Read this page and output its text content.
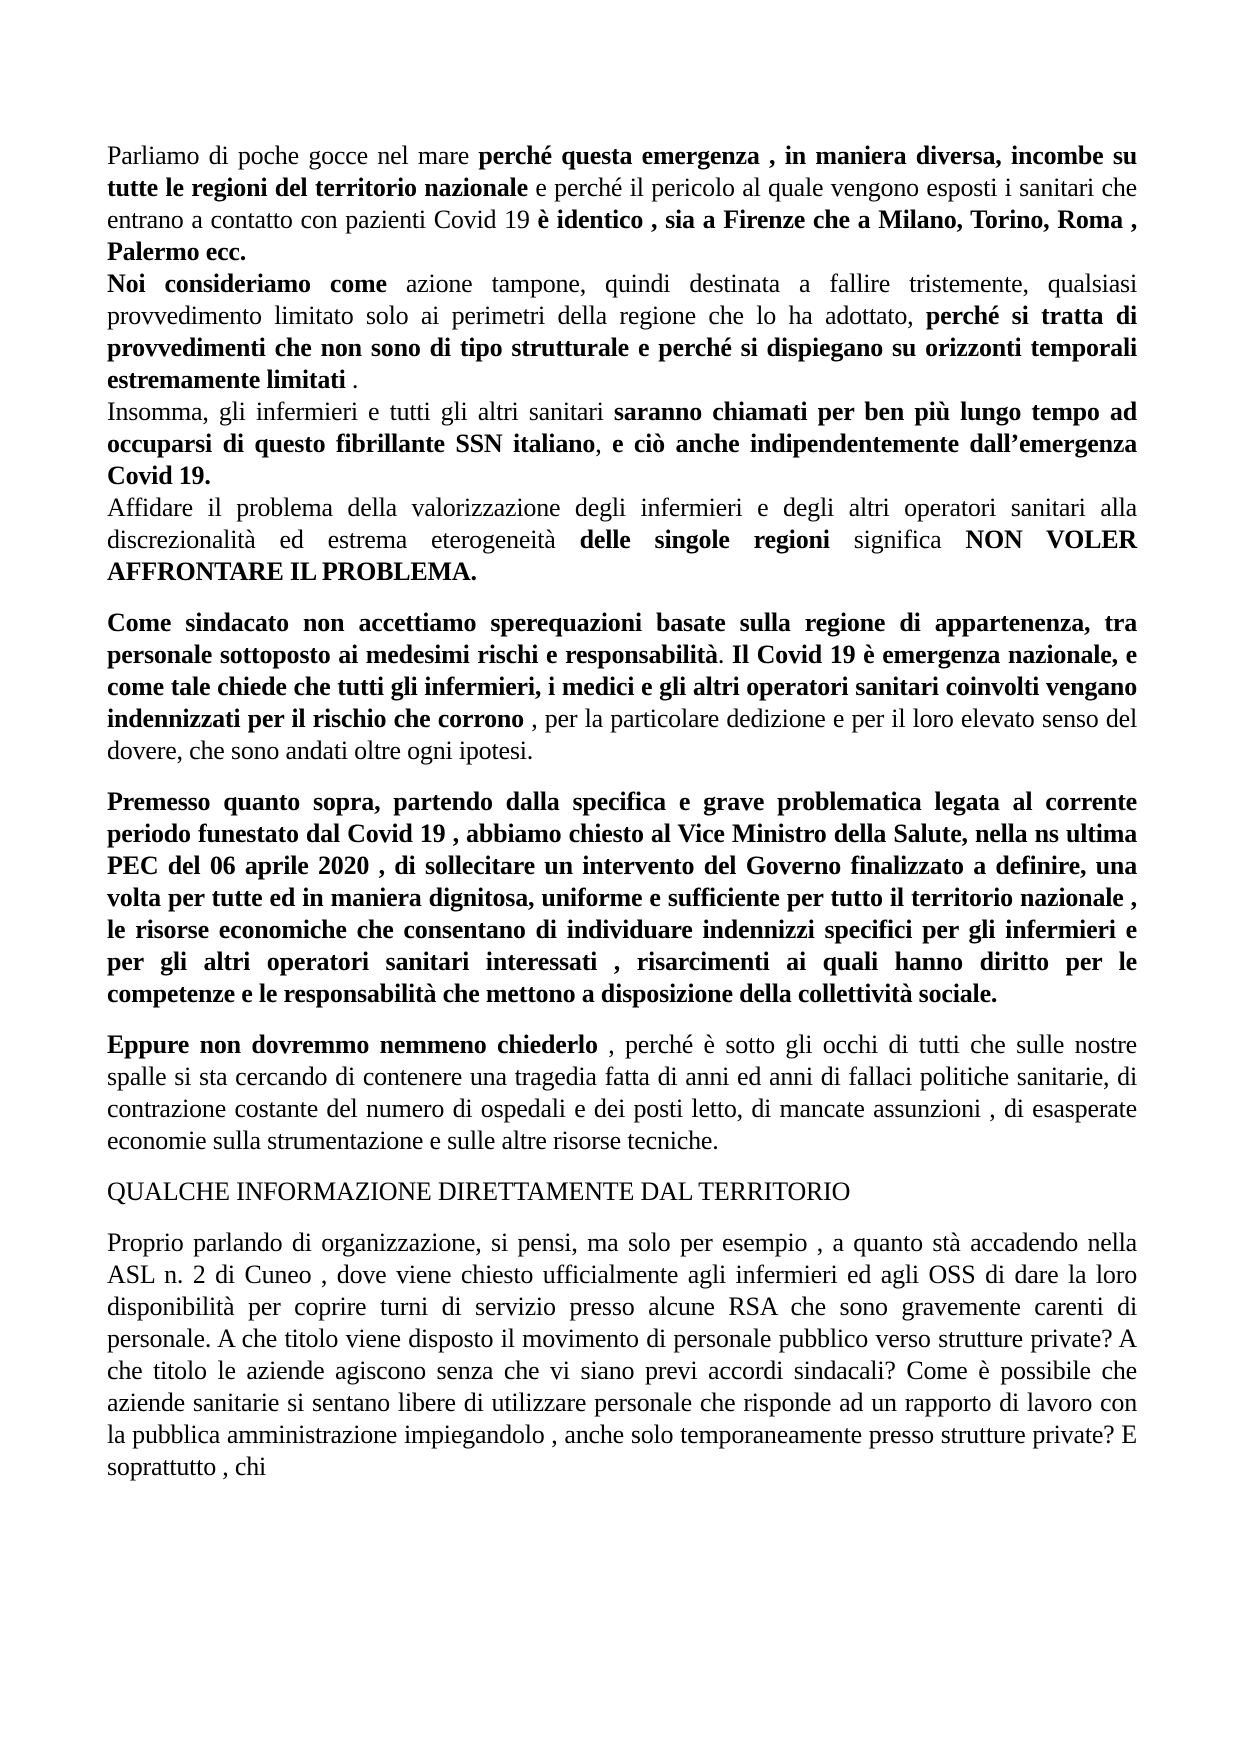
Parliamo di poche gocce nel mare perché questa emergenza , in maniera diversa, incombe su tutte le regioni del territorio nazionale e perché il pericolo al quale vengono esposti i sanitari che entrano a contatto con pazienti Covid 19 è identico , sia a Firenze che a Milano, Torino, Roma , Palermo ecc.

Noi consideriamo come azione tampone, quindi destinata a fallire tristemente, qualsiasi provvedimento limitato solo ai perimetri della regione che lo ha adottato, perché si tratta di provvedimenti che non sono di tipo strutturale e perché si dispiegano su orizzonti temporali estremamente limitati .

Insomma, gli infermieri e tutti gli altri sanitari saranno chiamati per ben più lungo tempo ad occuparsi di questo fibrillante SSN italiano, e ciò anche indipendentemente dall’emergenza Covid 19.

Affidare il problema della valorizzazione degli infermieri e degli altri operatori sanitari alla discrezionalità ed estrema eterogeneità delle singole regioni significa NON VOLER AFFRONTARE IL PROBLEMA.

Come sindacato non accettiamo sperequazioni basate sulla regione di appartenenza, tra personale sottoposto ai medesimi rischi e responsabilità. Il Covid 19 è emergenza nazionale, e come tale chiede che tutti gli infermieri, i medici e gli altri operatori sanitari coinvolti vengano indennizzati per il rischio che corrono , per la particolare dedizione e per il loro elevato senso del dovere, che sono andati oltre ogni ipotesi.

Premesso quanto sopra, partendo dalla specifica e grave problematica legata al corrente periodo funestato dal Covid 19 , abbiamo chiesto al Vice Ministro della Salute, nella ns ultima PEC del 06 aprile 2020 , di sollecitare un intervento del Governo finalizzato a definire, una volta per tutte ed in maniera dignitosa, uniforme e sufficiente per tutto il territorio nazionale , le risorse economiche che consentano di individuare indennizzi specifici per gli infermieri e per gli altri operatori sanitari interessati , risarcimenti ai quali hanno diritto per le competenze e le responsabilità che mettono a disposizione della collettività sociale.

Eppure non dovremmo nemmeno chiederlo , perché è sotto gli occhi di tutti che sulle nostre spalle si sta cercando di contenere una tragedia fatta di anni ed anni di fallaci politiche sanitarie, di contrazione costante del numero di ospedali e dei posti letto, di mancate assunzioni , di esasperate economie sulla strumentazione e sulle altre risorse tecniche.

QUALCHE INFORMAZIONE DIRETTAMENTE DAL TERRITORIO

Proprio parlando di organizzazione, si pensi, ma solo per esempio , a quanto stà accadendo nella ASL n. 2 di Cuneo , dove viene chiesto ufficialmente agli infermieri ed agli OSS di dare la loro disponibilità per coprire turni di servizio presso alcune RSA che sono gravemente carenti di personale. A che titolo viene disposto il movimento di personale pubblico verso strutture private? A che titolo le aziende agiscono senza che vi siano previ accordi sindacali? Come è possibile che aziende sanitarie si sentano libere di utilizzare personale che risponde ad un rapporto di lavoro con la pubblica amministrazione impiegandolo , anche solo temporaneamente presso strutture private? E soprattutto , chi
